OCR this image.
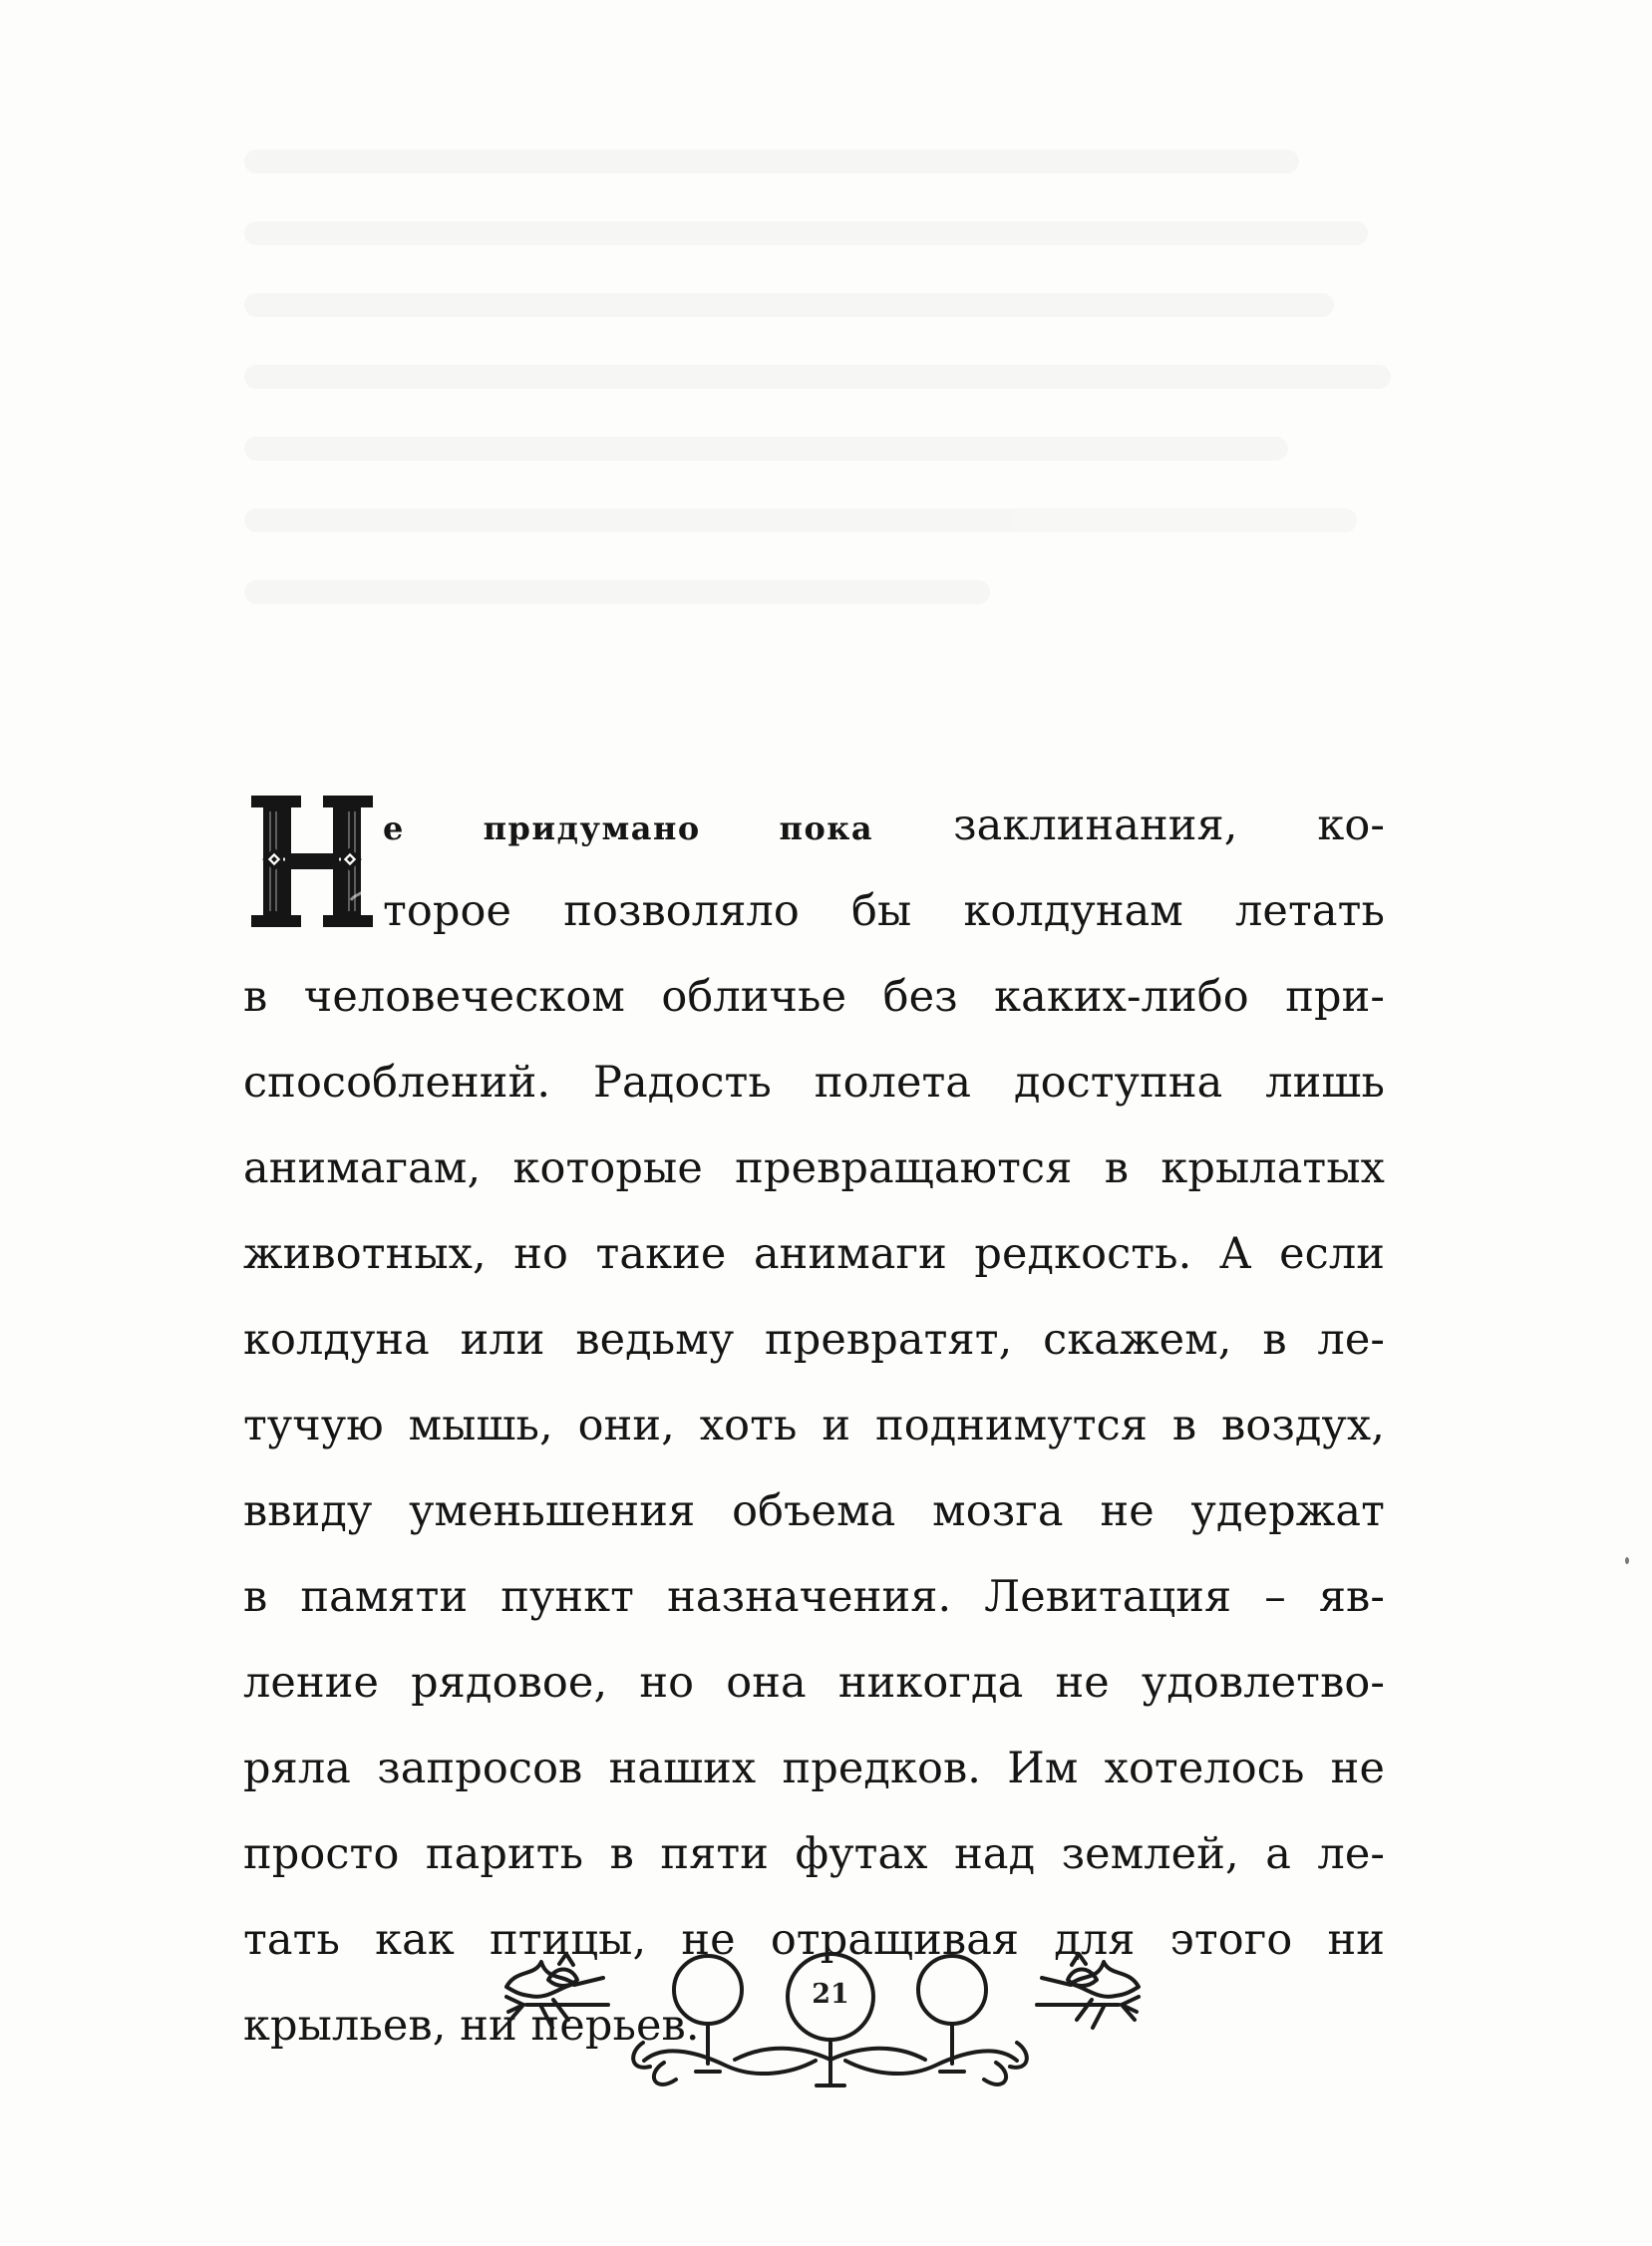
е придумано пока заклинания, ко-
торое позволяло бы колдунам летать
в человеческом обличье без каких-либо при-
способлений. Радость полета доступна лишь
анимагам, которые превращаются в крылатых
животных, но такие анимаги редкость. А если
колдуна или ведьму превратят, скажем, в ле-
тучую мышь, они, хоть и поднимутся в воздух,
ввиду уменьшения объема мозга не удержат
в памяти пункт назначения. Левитация – яв-
ление рядовое, но она никогда не удовлетво-
ряла запросов наших предков. Им хотелось не
просто парить в пяти футах над землей, а ле-
тать как птицы, не отращивая для этого ни
крыльев, ни перьев.
21
